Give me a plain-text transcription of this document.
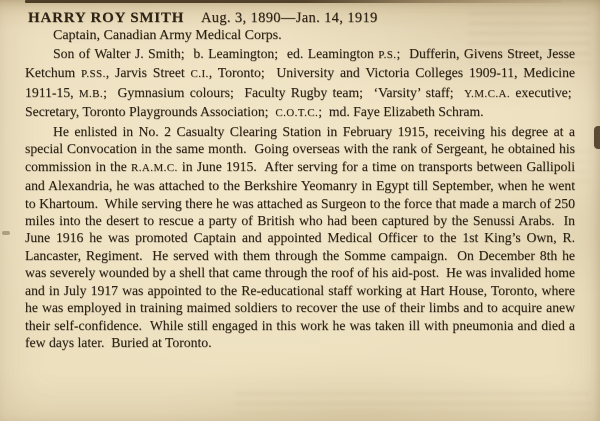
HARRY ROY SMITH Aug. 3, 1890—Jan. 14, 1919

Captain, Canadian Army Medical Corps.

Son of Walter J. Smith;  b. Leamington;  ed. Leamington P.S.;  Dufferin, Givens Street, Jesse Ketchum P.SS., Jarvis Street C.I., Toronto;  University and Victoria Colleges 1909-11, Medicine 1911-15, M.B.;  Gymnasium colours;  Faculty Rugby team;  ‘Varsity’ staff;  Y.M.C.A. executive;  Secretary, Toronto Playgrounds Association;  C.O.T.C.;  md. Faye Elizabeth Schram.

He enlisted in No. 2 Casualty Clearing Station in February 1915, receiving his degree at a special Convocation in the same month.  Going overseas with the rank of Sergeant, he obtained his commission in the R.A.M.C. in June 1915.  After serving for a time on transports between Gallipoli and Alexandria, he was attached to the Berkshire Yeomanry in Egypt till September, when he went to Khartoum.  While serving there he was attached as Surgeon to the force that made a march of 250 miles into the desert to rescue a party of British who had been captured by the Senussi Arabs.  In June 1916 he was promoted Captain and appointed Medical Officer to the 1st King’s Own, R. Lancaster, Regiment.  He served with them through the Somme campaign.  On December 8th he was severely wounded by a shell that came through the roof of his aid-post.  He was invalided home and in July 1917 was appointed to the Re-educational staff working at Hart House, Toronto, where he was employed in training maimed soldiers to recover the use of their limbs and to acquire anew their self-confidence.  While still engaged in this work he was taken ill with pneumonia and died a few days later.  Buried at Toronto.
